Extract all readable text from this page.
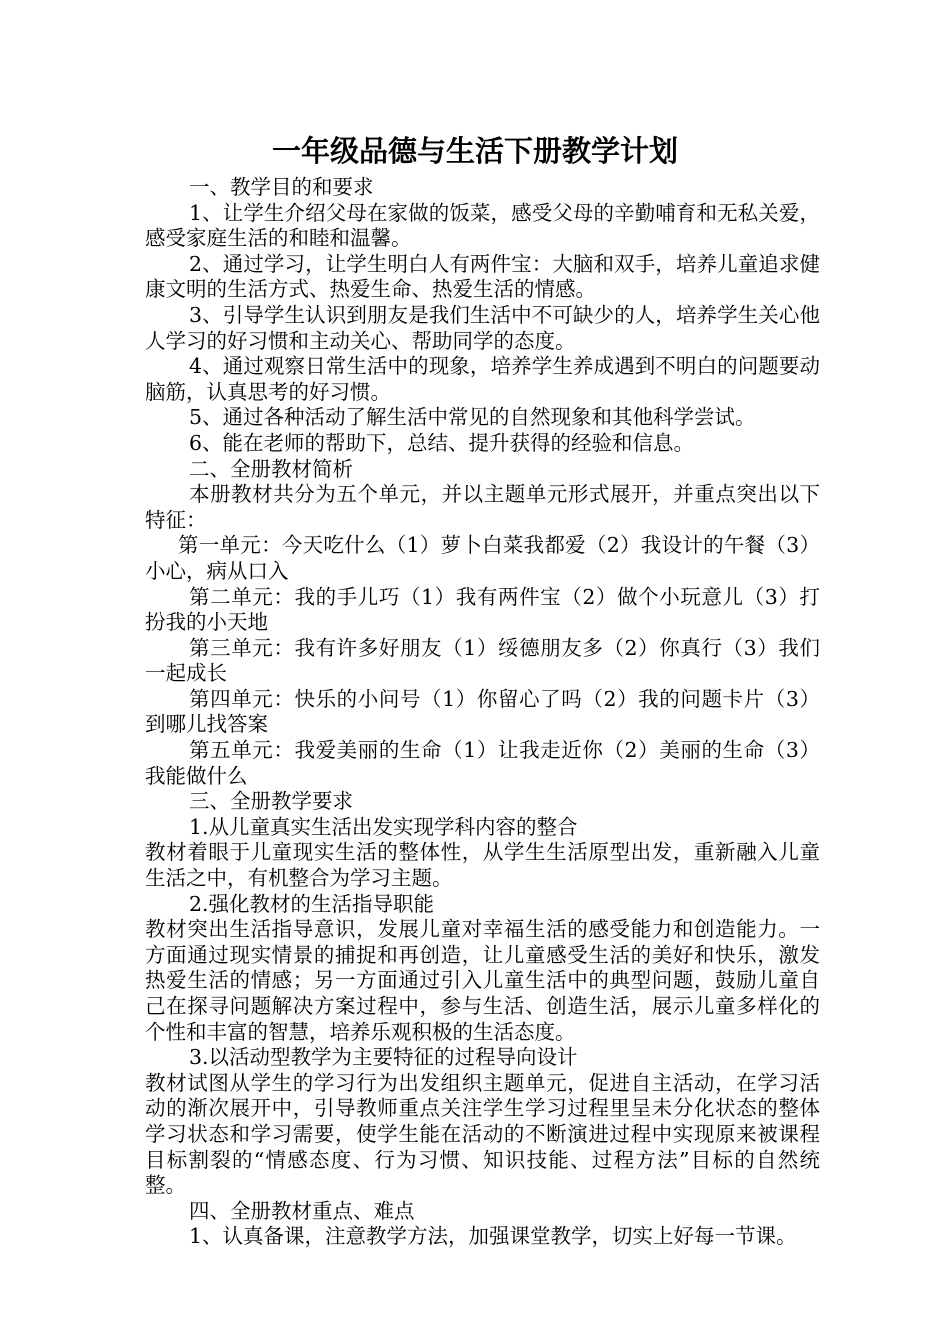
一年级品德与生活下册教学计划

一、教学目的和要求

1、让学生介绍父母在家做的饭菜，感受父母的辛勤哺育和无私关爱，感受家庭生活的和睦和温馨。

2、通过学习，让学生明白人有两件宝：大脑和双手，培养儿童追求健康文明的生活方式、热爱生命、热爱生活的情感。

3、引导学生认识到朋友是我们生活中不可缺少的人，培养学生关心他人学习的好习惯和主动关心、帮助同学的态度。

4、通过观察日常生活中的现象，培养学生养成遇到不明白的问题要动脑筋，认真思考的好习惯。

5、通过各种活动了解生活中常见的自然现象和其他科学尝试。

6、能在老师的帮助下，总结、提升获得的经验和信息。

二、全册教材简析

本册教材共分为五个单元，并以主题单元形式展开，并重点突出以下特征：

第一单元：今天吃什么（1）萝卜白菜我都爱（2）我设计的午餐（3）小心，病从口入

第二单元：我的手儿巧（1）我有两件宝（2）做个小玩意儿（3）打扮我的小天地

第三单元：我有许多好朋友（1）绥德朋友多（2）你真行（3）我们一起成长

第四单元：快乐的小问号（1）你留心了吗（2）我的问题卡片（3）到哪儿找答案

第五单元：我爱美丽的生命（1）让我走近你（2）美丽的生命（3）我能做什么

三、全册教学要求

1.从儿童真实生活出发实现学科内容的整合

教材着眼于儿童现实生活的整体性，从学生生活原型出发，重新融入儿童生活之中，有机整合为学习主题。

2.强化教材的生活指导职能

教材突出生活指导意识，发展儿童对幸福生活的感受能力和创造能力。一方面通过现实情景的捕捉和再创造，让儿童感受生活的美好和快乐，激发热爱生活的情感；另一方面通过引入儿童生活中的典型问题，鼓励儿童自己在探寻问题解决方案过程中，参与生活、创造生活，展示儿童多样化的个性和丰富的智慧，培养乐观积极的生活态度。

3.以活动型教学为主要特征的过程导向设计

教材试图从学生的学习行为出发组织主题单元，促进自主活动，在学习活动的渐次展开中，引导教师重点关注学生学习过程里呈未分化状态的整体学习状态和学习需要，使学生能在活动的不断演进过程中实现原来被课程目标割裂的“情感态度、行为习惯、知识技能、过程方法”目标的自然统整。

四、全册教材重点、难点

1、认真备课，注意教学方法，加强课堂教学，切实上好每一节课。
